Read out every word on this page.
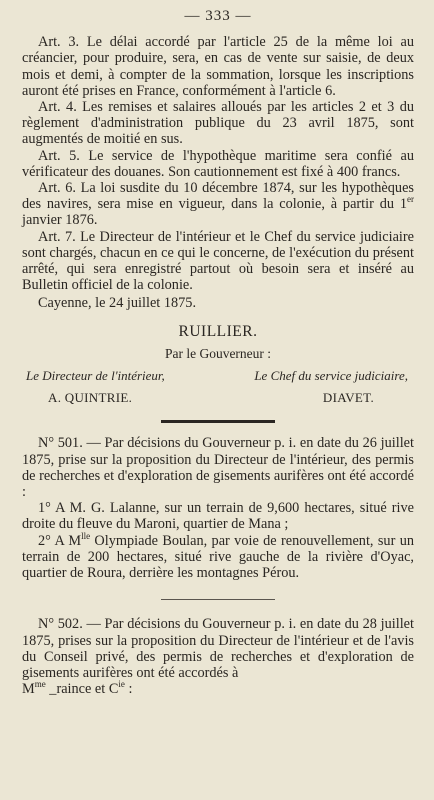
— 333 —

Art. 3. Le délai accordé par l'article 25 de la même loi au créancier, pour produire, sera, en cas de vente sur saisie, de deux mois et demi, à compter de la sommation, lorsque les inscriptions auront été prises en France, conformément à l'article 6.

Art. 4. Les remises et salaires alloués par les articles 2 et 3 du règlement d'administration publique du 23 avril 1875, sont augmentés de moitié en sus.

Art. 5. Le service de l'hypothèque maritime sera confié au vérificateur des douanes. Son cautionnement est fixé à 400 francs.

Art. 6. La loi susdite du 10 décembre 1874, sur les hypothèques des navires, sera mise en vigueur, dans la colonie, à partir du 1er janvier 1876.

Art. 7. Le Directeur de l'intérieur et le Chef du service judiciaire sont chargés, chacun en ce qui le concerne, de l'exécution du présent arrêté, qui sera enregistré partout où besoin sera et inséré au Bulletin officiel de la colonie.

Cayenne, le 24 juillet 1875.

RUILLIER.
Par le Gouverneur :
Le Directeur de l'intérieur,	Le Chef du service judiciaire,
A. QUINTRIE.	DIAVET.

N° 501. — Par décisions du Gouverneur p. i. en date du 26 juillet 1875, prise sur la proposition du Directeur de l'intérieur, des permis de recherches et d'exploration de gisements aurifères ont été accordé :

1° A M. G. Lalanne, sur un terrain de 9,600 hectares, situé rive droite du fleuve du Maroni, quartier de Mana ;

2° A $M^{lle}$ Olympiade Boulan, par voie de renouvellement, sur un terrain de 200 hectares, situé rive gauche de la rivière d'Oyac, quartier de Roura, derrière les montagnes Pérou.

N° 502. — Par décisions du Gouverneur p. i. en date du 28 juillet 1875, prises sur la proposition du Directeur de l'intérieur et de l'avis du Conseil privé, des permis de recherches et d'exploration de gisements aurifères ont été accordés à

$M^{me}$ _raince et $C^{ie}$ :
